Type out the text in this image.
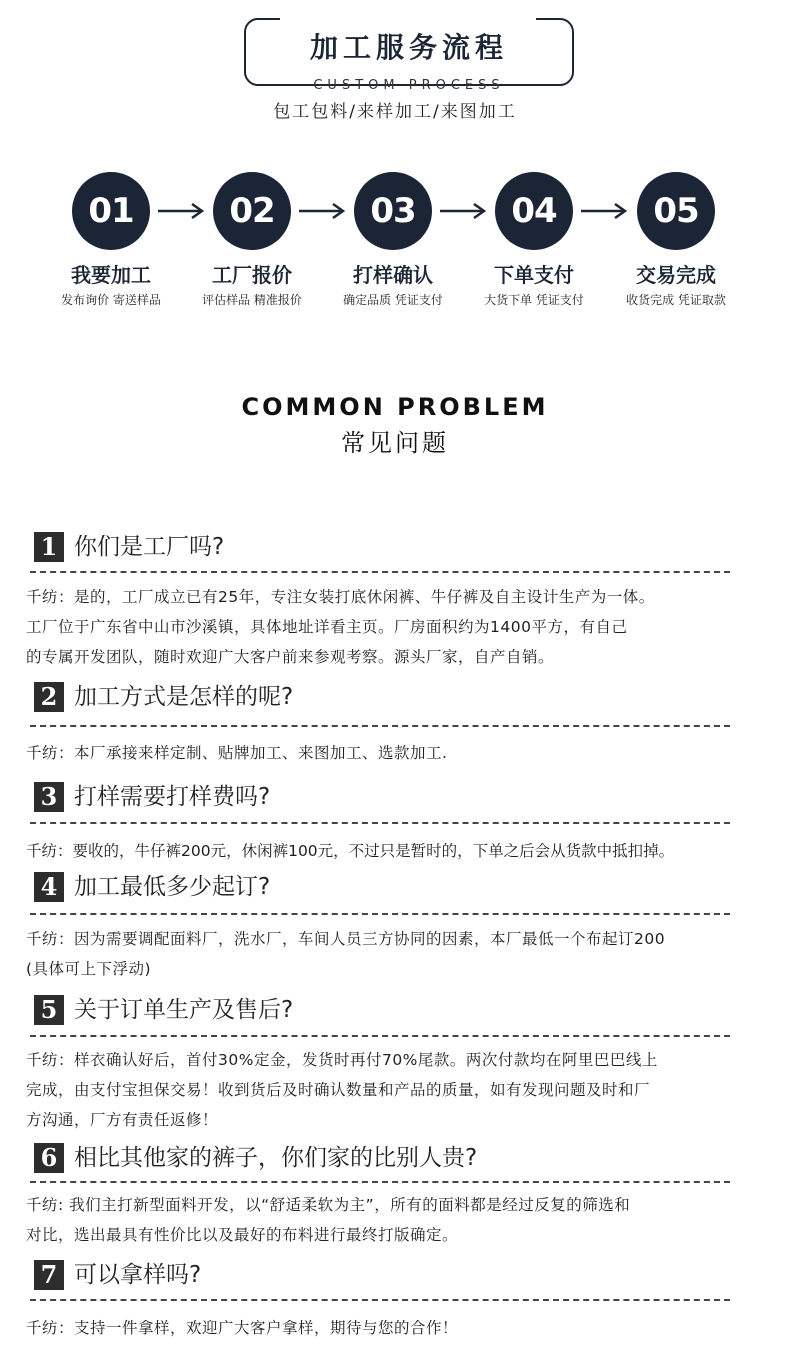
加工服务流程
CUSTOM PROCESS
包工包料/来样加工/来图加工
01	02	03	04	05
我要加工	工厂报价	打样确认	下单支付	交易完成
发布询价 寄送样品	评估样品 精准报价	确定品质 凭证支付	大货下单 凭证支付	收货完成 凭证取款
COMMON PROBLEM
常见问题
1 你们是工厂吗?
千纺：是的，工厂成立已有25年，专注女装打底休闲裤、牛仔裤及自主设计生产为一体。
工厂位于广东省中山市沙溪镇，具体地址详看主页。厂房面积约为1400平方，有自己
的专属开发团队，随时欢迎广大客户前来参观考察。源头厂家，自产自销。
2 加工方式是怎样的呢?
千纺：本厂承接来样定制、贴牌加工、来图加工、选款加工.
3 打样需要打样费吗?
千纺：要收的，牛仔裤200元，休闲裤100元，不过只是暂时的，下单之后会从货款中抵扣掉。
4 加工最低多少起订?
千纺：因为需要调配面料厂，洗水厂，车间人员三方协同的因素，本厂最低一个布起订200
(具体可上下浮动)
5 关于订单生产及售后?
千纺：样衣确认好后，首付30%定金，发货时再付70%尾款。两次付款均在阿里巴巴线上
完成，由支付宝担保交易！收到货后及时确认数量和产品的质量，如有发现问题及时和厂
方沟通，厂方有责任返修！
6 相比其他家的裤子，你们家的比别人贵?
千纺: 我们主打新型面料开发，以“舒适柔软为主”，所有的面料都是经过反复的筛选和
对比，选出最具有性价比以及最好的布料进行最终打版确定。
7 可以拿样吗?
千纺：支持一件拿样，欢迎广大客户拿样，期待与您的合作！
